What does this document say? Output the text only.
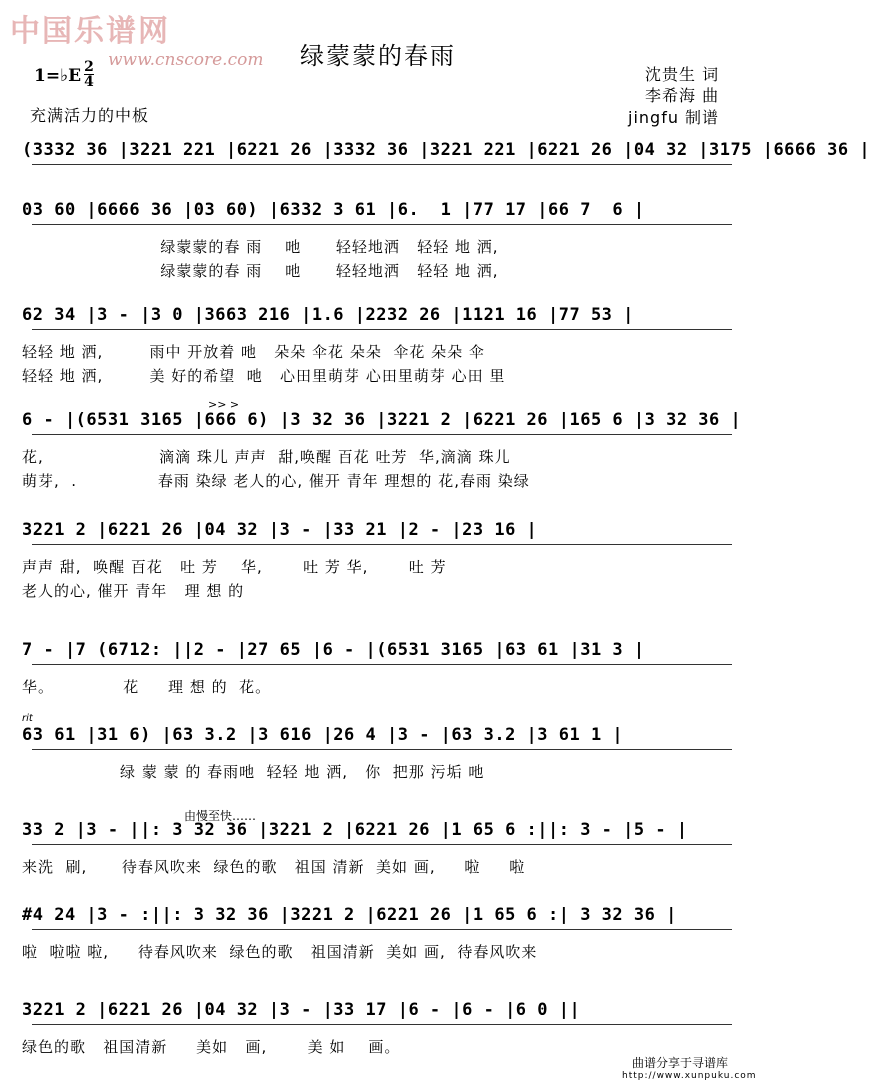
中国乐谱网
www.cnscore.com 绿蒙蒙的春雨
1=♭E 2
4
充满活力的中板
沈贵生 词
李希海 曲
jingfu 制谱
>> >
rit
由慢至快……
(3332 36 |3221 221 |6221 26 |3332 36 |3221 221 |6221 26 |04 32 |3175 |6666 36 |
03 60 |6666 36 |03 60) |6332 3 61 |6.  1 |77 17 |66 7  6 |
绿蒙蒙的春 雨    吔      轻轻地洒   轻轻 地 洒,
绿蒙蒙的春 雨    吔      轻轻地洒   轻轻 地 洒,
62 34 |3 - |3 0 |3663 216 |1.6 |2232 26 |1121 16 |77 53 |
轻轻 地 洒,        雨中 开放着 吔   朵朵 伞花 朵朵  伞花 朵朵 伞
轻轻 地 洒,        美 好的希望  吔   心田里萌芽 心田里萌芽 心田 里
6 - |(6531 3165 |666 6) |3 32 36 |3221 2 |6221 26 |165 6 |3 32 36 |
花,                    滴滴 珠儿 声声  甜,唤醒 百花 吐芳  华,滴滴 珠儿
萌芽,  .              春雨 染绿 老人的心, 催开 青年 理想的 花,春雨 染绿
3221 2 |6221 26 |04 32 |3 - |33 21 |2 - |23 16 |
声声 甜,  唤醒 百花   吐 芳    华,       吐 芳 华,       吐 芳
老人的心, 催开 青年   理 想 的
7 - |7 (6712: ||2 - |27 65 |6 - |(6531 3165 |63 61 |31 3 |
华。            花     理 想 的  花。
63 61 |31 6) |63 3.2 |3 616 |26 4 |3 - |63 3.2 |3 61 1 |
绿 蒙 蒙 的 春雨吔  轻轻 地 洒,   你  把那 污垢 吔
33 2 |3 - ||: 3 32 36 |3221 2 |6221 26 |1 65 6 :||: 3 - |5 - |
来洗  刷,      待春风吹来  绿色的歌   祖国 清新  美如 画,     啦     啦
#4 24 |3 - :||: 3 32 36 |3221 2 |6221 26 |1 65 6 :| 3 32 36 |
啦  啦啦 啦,     待春风吹来  绿色的歌   祖国清新  美如 画,  待春风吹来
3221 2 |6221 26 |04 32 |3 - |33 17 |6 - |6 - |6 0 ||
绿色的歌   祖国清新     美如   画,       美 如    画。
曲谱分享于寻谱库
http://www.xunpuku.com
